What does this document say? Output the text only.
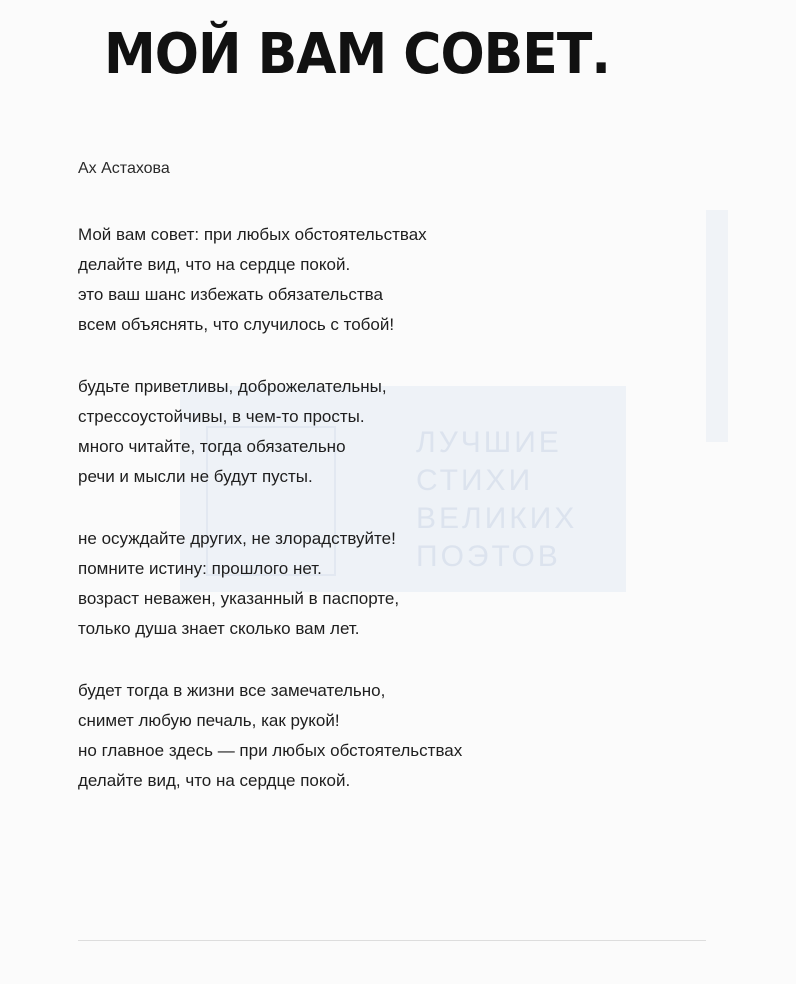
ЛУЧШИЕ
СТИХИ
ВЕЛИКИХ
ПОЭТОВ
МОЙ ВАМ СОВЕТ.
Ах Астахова

Мой вам совет: при любых обстоятельствах
делайте вид, что на сердце покой.
это ваш шанс избежать обязательства
всем объяснять, что случилось с тобой!

будьте приветливы, доброжелательны,
стрессоустойчивы, в чем-то просты.
много читайте, тогда обязательно
речи и мысли не будут пусты.

не осуждайте других, не злорадствуйте!
помните истину: прошлого нет.
возраст неважен, указанный в паспорте,
только душа знает сколько вам лет.

будет тогда в жизни все замечательно,
снимет любую печаль, как рукой!
но главное здесь — при любых обстоятельствах
делайте вид, что на сердце покой.
